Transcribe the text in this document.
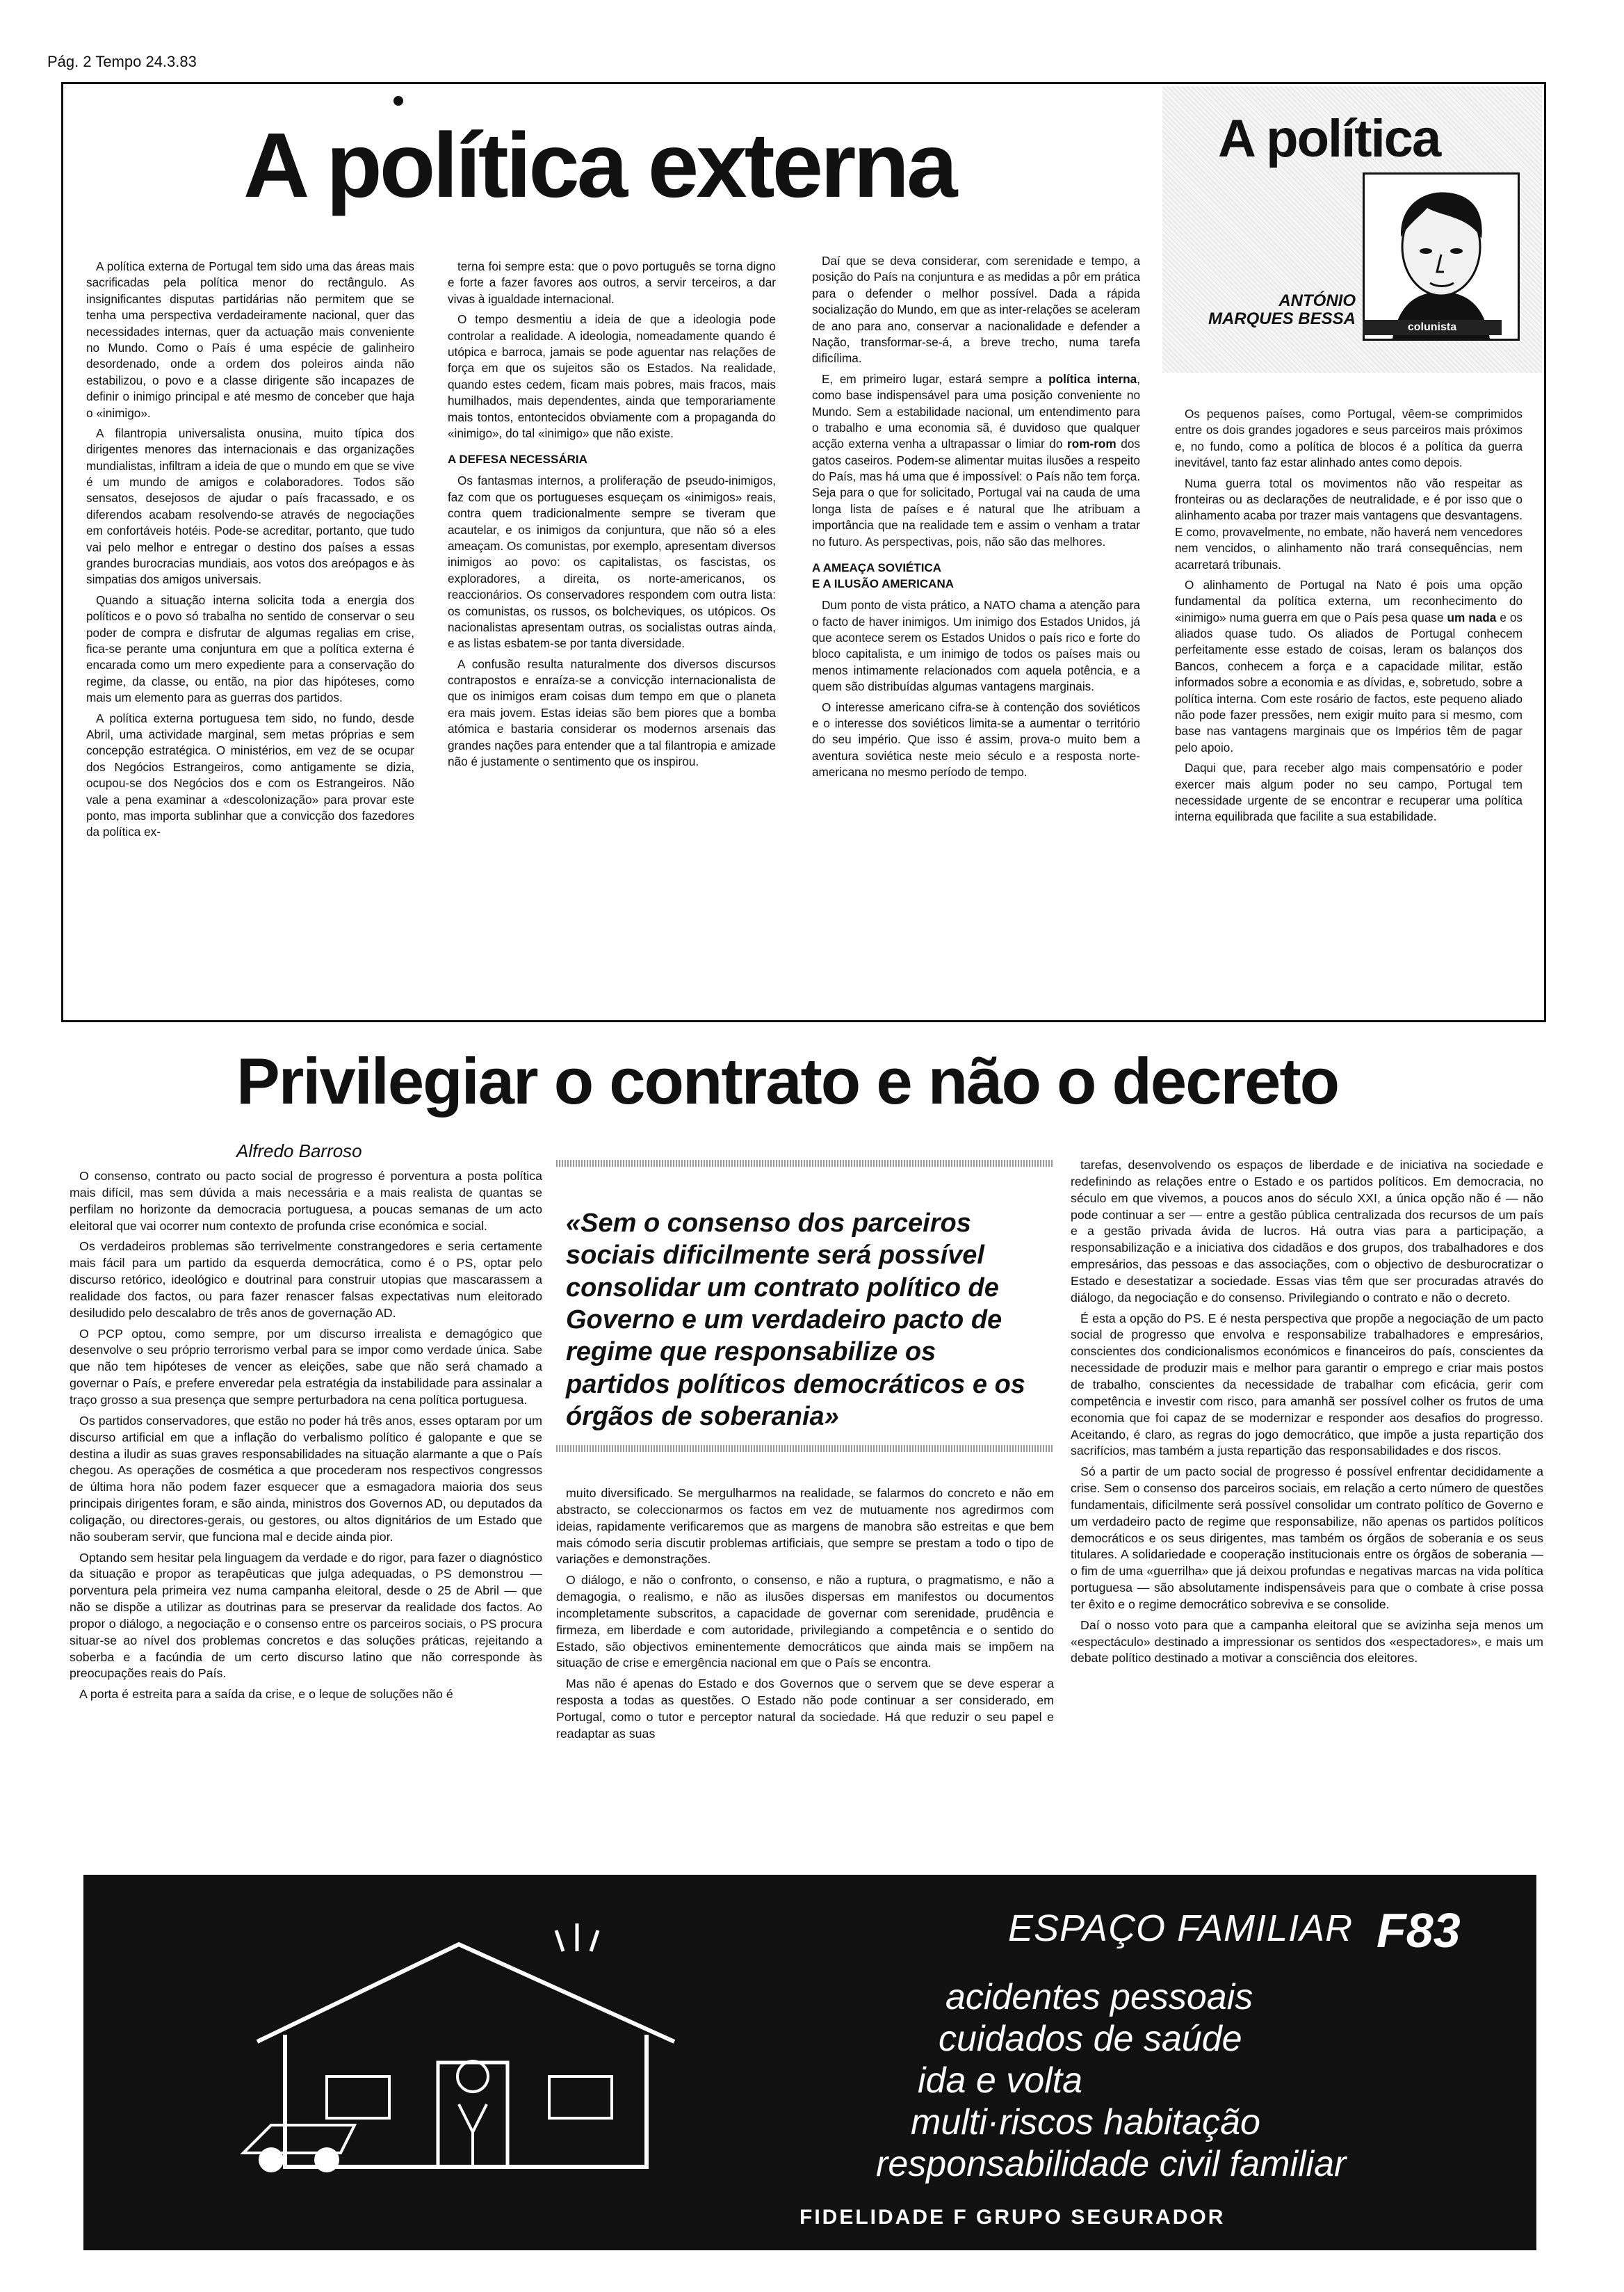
Pág. 2 Tempo 24.3.83
A política externa	A política
ANTÓNIO
MARQUES BESSA	colunista

A política externa de Portugal tem sido uma das áreas mais sacrificadas pela política menor do rectângulo. As insignificantes disputas partidárias não permitem que se tenha uma perspectiva verdadeiramente nacional, quer das necessidades internas, quer da actuação mais conveniente no Mundo. Como o País é uma espécie de galinheiro desordenado, onde a ordem dos poleiros ainda não estabilizou, o povo e a classe dirigente são incapazes de definir o inimigo principal e até mesmo de conceber que haja o «inimigo».

A filantropia universalista onusina, muito típica dos dirigentes menores das internacionais e das organizações mundialistas, infiltram a ideia de que o mundo em que se vive é um mundo de amigos e colaboradores. Todos são sensatos, desejosos de ajudar o país fracassado, e os diferendos acabam resolvendo-se através de negociações em confortáveis hotéis. Pode-se acreditar, portanto, que tudo vai pelo melhor e entregar o destino dos países a essas grandes burocracias mundiais, aos votos dos areópagos e às simpatias dos amigos universais.

Quando a situação interna solicita toda a energia dos políticos e o povo só trabalha no sentido de conservar o seu poder de compra e disfrutar de algumas regalias em crise, fica-se perante uma conjuntura em que a política externa é encarada como um mero expediente para a conservação do regime, da classe, ou então, na pior das hipóteses, como mais um elemento para as guerras dos partidos.

A política externa portuguesa tem sido, no fundo, desde Abril, uma actividade marginal, sem metas próprias e sem concepção estratégica. O ministérios, em vez de se ocupar dos Negócios Estrangeiros, como antigamente se dizia, ocupou-se dos Negócios dos e com os Estrangeiros. Não vale a pena examinar a «descolonização» para provar este ponto, mas importa sublinhar que a convicção dos fazedores da política ex-

terna foi sempre esta: que o povo português se torna digno e forte a fazer favores aos outros, a servir terceiros, a dar vivas à igualdade internacional.

O tempo desmentiu a ideia de que a ideologia pode controlar a realidade. A ideologia, nomeadamente quando é utópica e barroca, jamais se pode aguentar nas relações de força em que os sujeitos são os Estados. Na realidade, quando estes cedem, ficam mais pobres, mais fracos, mais humilhados, mais dependentes, ainda que temporariamente mais tontos, entontecidos obviamente com a propaganda do «inimigo», do tal «inimigo» que não existe.

A DEFESA NECESSÁRIA

Os fantasmas internos, a proliferação de pseudo-inimigos, faz com que os portugueses esqueçam os «inimigos» reais, contra quem tradicionalmente sempre se tiveram que acautelar, e os inimigos da conjuntura, que não só a eles ameaçam. Os comunistas, por exemplo, apresentam diversos inimigos ao povo: os capitalistas, os fascistas, os exploradores, a direita, os norte-americanos, os reaccionários. Os conservadores respondem com outra lista: os comunistas, os russos, os bolcheviques, os utópicos. Os nacionalistas apresentam outras, os socialistas outras ainda, e as listas esbatem-se por tanta diversidade.

A confusão resulta naturalmente dos diversos discursos contrapostos e enraíza-se a convicção internacionalista de que os inimigos eram coisas dum tempo em que o planeta era mais jovem. Estas ideias são bem piores que a bomba atómica e bastaria considerar os modernos arsenais das grandes nações para entender que a tal filantropia e amizade não é justamente o sentimento que os inspirou.

Daí que se deva considerar, com serenidade e tempo, a posição do País na conjuntura e as medidas a pôr em prática para o defender o melhor possível. Dada a rápida socialização do Mundo, em que as inter-relações se aceleram de ano para ano, conservar a nacionalidade e defender a Nação, transformar-se-á, a breve trecho, numa tarefa dificílima.

E, em primeiro lugar, estará sempre a política interna, como base indispensável para uma posição conveniente no Mundo. Sem a estabilidade nacional, um entendimento para o trabalho e uma economia sã, é duvidoso que qualquer acção externa venha a ultrapassar o limiar do rom-rom dos gatos caseiros. Podem-se alimentar muitas ilusões a respeito do País, mas há uma que é impossível: o País não tem força. Seja para o que for solicitado, Portugal vai na cauda de uma longa lista de países e é natural que lhe atribuam a importância que na realidade tem e assim o venham a tratar no futuro. As perspectivas, pois, não são das melhores.

A AMEAÇA SOVIÉTICA
E A ILUSÃO AMERICANA

Dum ponto de vista prático, a NATO chama a atenção para o facto de haver inimigos. Um inimigo dos Estados Unidos, já que acontece serem os Estados Unidos o país rico e forte do bloco capitalista, e um inimigo de todos os países mais ou menos intimamente relacionados com aquela potência, e a quem são distribuídas algumas vantagens marginais.

O interesse americano cifra-se à contenção dos soviéticos e o interesse dos soviéticos limita-se a aumentar o território do seu império. Que isso é assim, prova-o muito bem a aventura soviética neste meio século e a resposta norte-americana no mesmo período de tempo.

Os pequenos países, como Portugal, vêem-se comprimidos entre os dois grandes jogadores e seus parceiros mais próximos e, no fundo, como a política de blocos é a política da guerra inevitável, tanto faz estar alinhado antes como depois.

Numa guerra total os movimentos não vão respeitar as fronteiras ou as declarações de neutralidade, e é por isso que o alinhamento acaba por trazer mais vantagens que desvantagens. E como, provavelmente, no embate, não haverá nem vencedores nem vencidos, o alinhamento não trará consequências, nem acarretará tribunais.

O alinhamento de Portugal na Nato é pois uma opção fundamental da política externa, um reconhecimento do «inimigo» numa guerra em que o País pesa quase um nada e os aliados quase tudo. Os aliados de Portugal conhecem perfeitamente esse estado de coisas, leram os balanços dos Bancos, conhecem a força e a capacidade militar, estão informados sobre a economia e as dívidas, e, sobretudo, sobre a política interna. Com este rosário de factos, este pequeno aliado não pode fazer pressões, nem exigir muito para si mesmo, com base nas vantagens marginais que os Impérios têm de pagar pelo apoio.

Daqui que, para receber algo mais compensatório e poder exercer mais algum poder no seu campo, Portugal tem necessidade urgente de se encontrar e recuperar uma política interna equilibrada que facilite a sua estabilidade.

Privilegiar o contrato e não o decreto
Alfredo Barroso

O consenso, contrato ou pacto social de progresso é porventura a posta política mais difícil, mas sem dúvida a mais necessária e a mais realista de quantas se perfilam no horizonte da democracia portuguesa, a poucas semanas de um acto eleitoral que vai ocorrer num contexto de profunda crise económica e social.

Os verdadeiros problemas são terrivelmente constrangedores e seria certamente mais fácil para um partido da esquerda democrática, como é o PS, optar pelo discurso retórico, ideológico e doutrinal para construir utopias que mascarassem a realidade dos factos, ou para fazer renascer falsas expectativas num eleitorado desiludido pelo descalabro de três anos de governação AD.

O PCP optou, como sempre, por um discurso irrealista e demagógico que desenvolve o seu próprio terrorismo verbal para se impor como verdade única. Sabe que não tem hipóteses de vencer as eleições, sabe que não será chamado a governar o País, e prefere enveredar pela estratégia da instabilidade para assinalar a traço grosso a sua presença que sempre perturbadora na cena política portuguesa.

Os partidos conservadores, que estão no poder há três anos, esses optaram por um discurso artificial em que a inflação do verbalismo político é galopante e que se destina a iludir as suas graves responsabilidades na situação alarmante a que o País chegou. As operações de cosmética a que procederam nos respectivos congressos de última hora não podem fazer esquecer que a esmagadora maioria dos seus principais dirigentes foram, e são ainda, ministros dos Governos AD, ou deputados da coligação, ou directores-gerais, ou gestores, ou altos dignitários de um Estado que não souberam servir, que funciona mal e decide ainda pior.

Optando sem hesitar pela linguagem da verdade e do rigor, para fazer o diagnóstico da situação e propor as terapêuticas que julga adequadas, o PS demonstrou — porventura pela primeira vez numa campanha eleitoral, desde o 25 de Abril — que não se dispõe a utilizar as doutrinas para se preservar da realidade dos factos. Ao propor o diálogo, a negociação e o consenso entre os parceiros sociais, o PS procura situar-se ao nível dos problemas concretos e das soluções práticas, rejeitando a soberba e a facúndia de um certo discurso latino que não corresponde às preocupações reais do País.

A porta é estreita para a saída da crise, e o leque de soluções não é

«Sem o consenso dos parceiros sociais dificilmente será possível consolidar um contrato político de Governo e um verdadeiro pacto de regime que responsabilize os partidos políticos democráticos e os órgãos de soberania»

muito diversificado. Se mergulharmos na realidade, se falarmos do concreto e não em abstracto, se coleccionarmos os factos em vez de mutuamente nos agredirmos com ideias, rapidamente verificaremos que as margens de manobra são estreitas e que bem mais cómodo seria discutir problemas artificiais, que sempre se prestam a todo o tipo de variações e demonstrações.

O diálogo, e não o confronto, o consenso, e não a ruptura, o pragmatismo, e não a demagogia, o realismo, e não as ilusões dispersas em manifestos ou documentos incompletamente subscritos, a capacidade de governar com serenidade, prudência e firmeza, em liberdade e com autoridade, privilegiando a competência e o sentido do Estado, são objectivos eminentemente democráticos que ainda mais se impõem na situação de crise e emergência nacional em que o País se encontra.

Mas não é apenas do Estado e dos Governos que o servem que se deve esperar a resposta a todas as questões. O Estado não pode continuar a ser considerado, em Portugal, como o tutor e perceptor natural da sociedade. Há que reduzir o seu papel e readaptar as suas

tarefas, desenvolvendo os espaços de liberdade e de iniciativa na sociedade e redefinindo as relações entre o Estado e os partidos políticos. Em democracia, no século em que vivemos, a poucos anos do século XXI, a única opção não é — não pode continuar a ser — entre a gestão pública centralizada dos recursos de um país e a gestão privada ávida de lucros. Há outra vias para a participação, a responsabilização e a iniciativa dos cidadãos e dos grupos, dos trabalhadores e dos empresários, das pessoas e das associações, com o objectivo de desburocratizar o Estado e desestatizar a sociedade. Essas vias têm que ser procuradas através do diálogo, da negociação e do consenso. Privilegiando o contrato e não o decreto.

É esta a opção do PS. E é nesta perspectiva que propõe a negociação de um pacto social de progresso que envolva e responsabilize trabalhadores e empresários, conscientes dos condicionalismos económicos e financeiros do país, conscientes da necessidade de produzir mais e melhor para garantir o emprego e criar mais postos de trabalho, conscientes da necessidade de trabalhar com eficácia, gerir com competência e investir com risco, para amanhã ser possível colher os frutos de uma economia que foi capaz de se modernizar e responder aos desafios do progresso. Aceitando, é claro, as regras do jogo democrático, que impõe a justa repartição dos sacrifícios, mas também a justa repartição das responsabilidades e dos riscos.

Só a partir de um pacto social de progresso é possível enfrentar decididamente a crise. Sem o consenso dos parceiros sociais, em relação a certo número de questões fundamentais, dificilmente será possível consolidar um contrato político de Governo e um verdadeiro pacto de regime que responsabilize, não apenas os partidos políticos democráticos e os seus dirigentes, mas também os órgãos de soberania e os seus titulares. A solidariedade e cooperação institucionais entre os órgãos de soberania — o fim de uma «guerrilha» que já deixou profundas e negativas marcas na vida política portuguesa — são absolutamente indispensáveis para que o combate à crise possa ter êxito e o regime democrático sobreviva e se consolide.

Daí o nosso voto para que a campanha eleitoral que se avizinha seja menos um «espectáculo» destinado a impressionar os sentidos dos «espectadores», e mais um debate político destinado a motivar a consciência dos eleitores.

ESPAÇO FAMILIAR F83
acidentes pessoais
cuidados de saúde
ida e volta
multi·riscos habitação
responsabilidade civil familiar
FIDELIDADE F GRUPO SEGURADOR
